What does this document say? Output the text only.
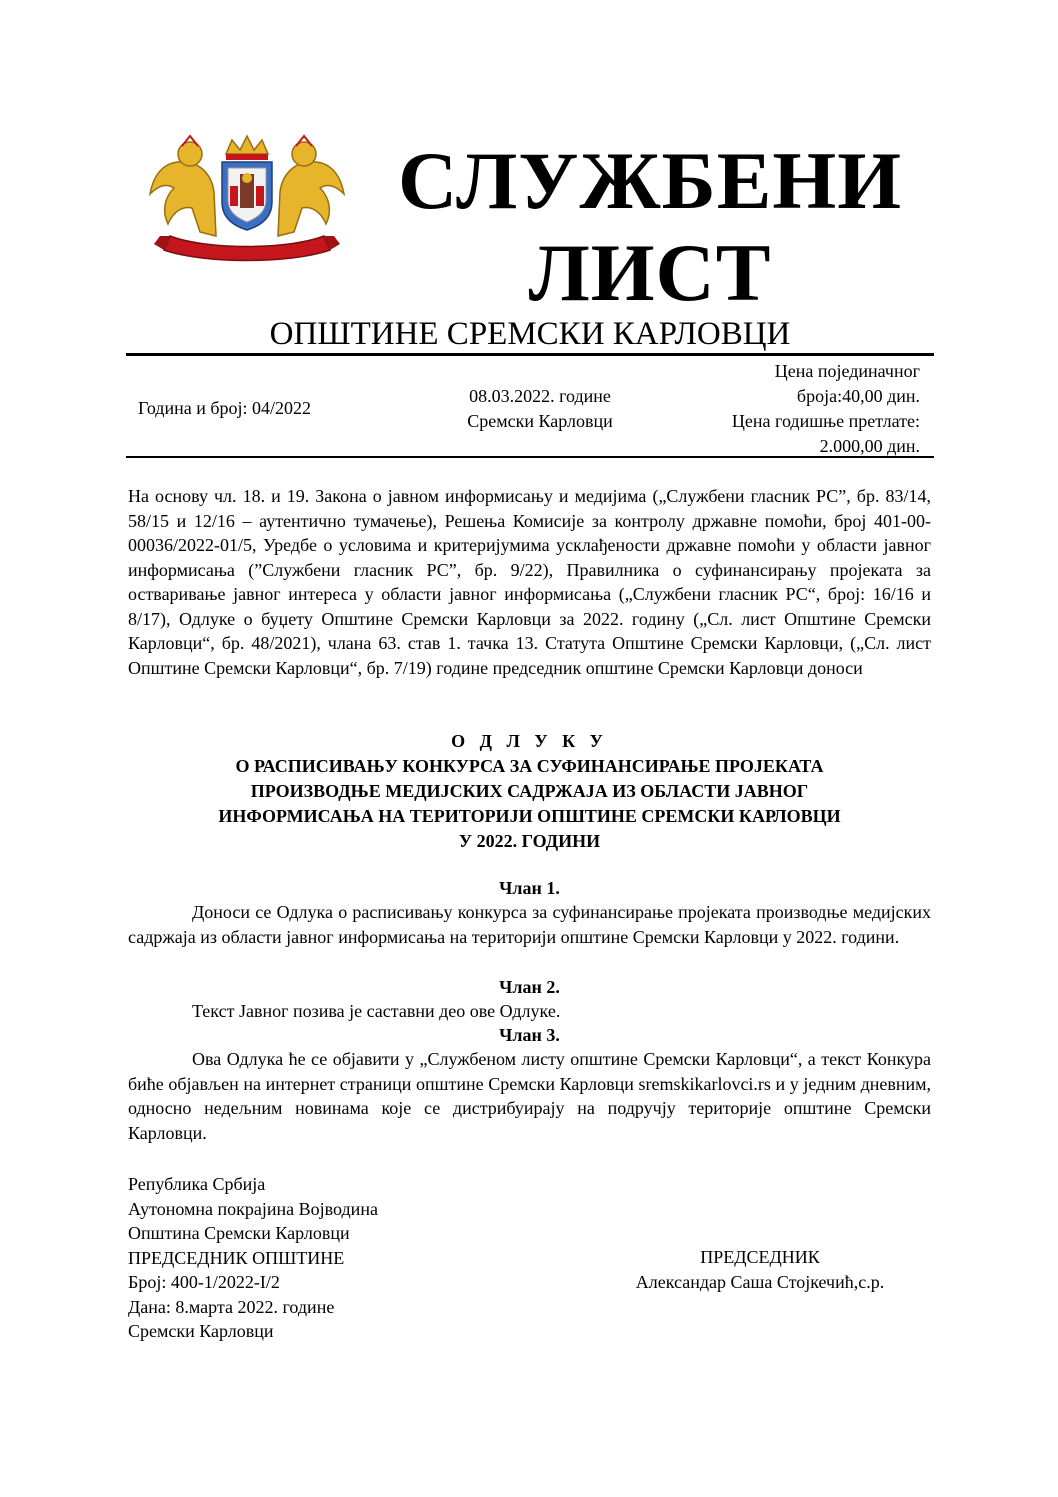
СЛУЖБЕНИ
ЛИСТ
ОПШТИНЕ СРЕМСКИ КАРЛОВЦИ
Година и број: 04/2022
08.03.2022. године
Сремски Карловци
Цена појединачног
броја:40,00 дин.
Цена годишње претлате:
2.000,00 дин.
На основу чл. 18. и 19. Закона о јавном информисању и медијима („Службени гласник РС”, бр. 83/14, 58/15 и 12/16 – аутентично тумачење), Решења Комисије за контролу државне помоћи, број 401-00-00036/2022-01/5, Уредбе о условима и критеријумима усклађености државне помоћи у области јавног информисања (”Службени гласник РС”, бр. 9/22), Правилника о суфинансирању пројеката за остваривање јавног интереса у области јавног информисања („Службени гласник РС“, број: 16/16 и 8/17), Одлуке о буџету Општине Сремски Карловци за 2022. годину („Сл. лист Општине Сремски Карловци“, бр. 48/2021), члана 63. став 1. тачка 13. Статута Општине Сремски Карловци, („Сл. лист Општине Сремски Карловци“, бр. 7/19) године председник општине Сремски Карловци доноси
О Д Л У К У
О РАСПИСИВАЊУ КОНКУРСА ЗА СУФИНАНСИРАЊЕ ПРОЈЕКАТА
ПРОИЗВОДЊЕ МЕДИЈСКИХ САДРЖАЈА ИЗ ОБЛАСТИ ЈАВНОГ
ИНФОРМИСАЊА НА ТЕРИТОРИЈИ ОПШТИНЕ СРЕМСКИ КАРЛОВЦИ
У 2022. ГОДИНИ
Члан 1.
Доноси се Одлука о расписивању конкурса за суфинансирање пројеката производње медијских садржаја из области јавног информисања на територији општине Сремски Карловци у 2022. години.
Члан 2.
Текст Јавног позива је саставни део ове Одлуке.
Члан 3.
Ова Одлука ће се објавити у „Службеном листу општине Сремски Карловци“, а текст Конкура биће објављен на интернет страници општине Сремски Карловци sremskikarlovci.rs и у једним дневним, односно недељним новинама које се дистрибуирају на подручју територије општине Сремски Карловци.
Република Србија
Аутономна покрајина Војводина
Општина Сремски Карловци
ПРЕДСЕДНИК ОПШТИНЕ
Број: 400-1/2022-I/2
Дана: 8.марта 2022. године
Сремски Карловци
ПРЕДСЕДНИК
Александар Саша Стојкечић,с.р.
